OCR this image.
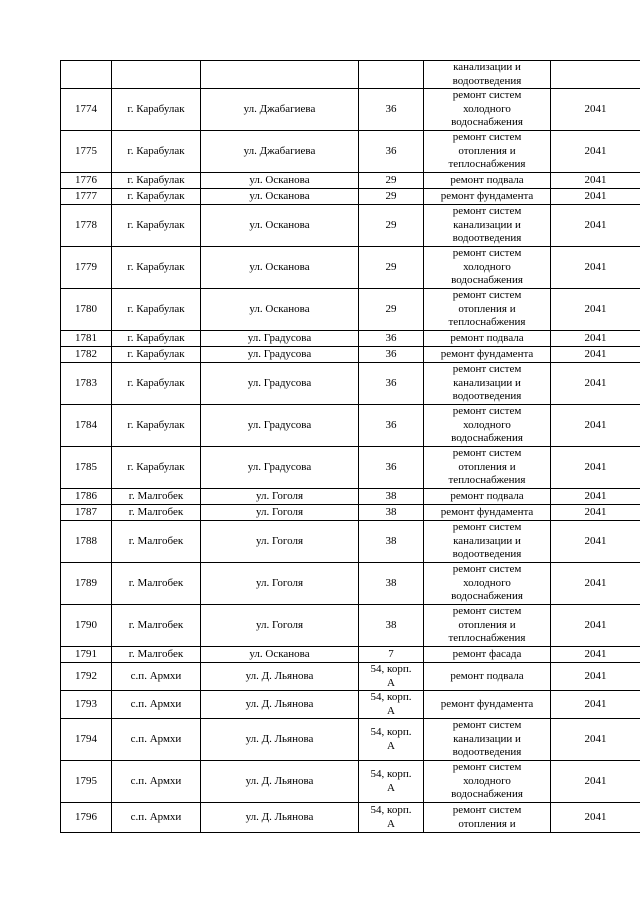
				канализации и
водоотведения	
1774	г. Карабулак	ул. Джабагиева	36	ремонт систем
холодного
водоснабжения	2041
1775	г. Карабулак	ул. Джабагиева	36	ремонт систем
отопления и
теплоснабжения	2041
1776	г. Карабулак	ул. Осканова	29	ремонт подвала	2041
1777	г. Карабулак	ул. Осканова	29	ремонт фундамента	2041
1778	г. Карабулак	ул. Осканова	29	ремонт систем
канализации и
водоотведения	2041
1779	г. Карабулак	ул. Осканова	29	ремонт систем
холодного
водоснабжения	2041
1780	г. Карабулак	ул. Осканова	29	ремонт систем
отопления и
теплоснабжения	2041
1781	г. Карабулак	ул. Градусова	36	ремонт подвала	2041
1782	г. Карабулак	ул. Градусова	36	ремонт фундамента	2041
1783	г. Карабулак	ул. Градусова	36	ремонт систем
канализации и
водоотведения	2041
1784	г. Карабулак	ул. Градусова	36	ремонт систем
холодного
водоснабжения	2041
1785	г. Карабулак	ул. Градусова	36	ремонт систем
отопления и
теплоснабжения	2041
1786	г. Малгобек	ул. Гоголя	38	ремонт подвала	2041
1787	г. Малгобек	ул. Гоголя	38	ремонт фундамента	2041
1788	г. Малгобек	ул. Гоголя	38	ремонт систем
канализации и
водоотведения	2041
1789	г. Малгобек	ул. Гоголя	38	ремонт систем
холодного
водоснабжения	2041
1790	г. Малгобек	ул. Гоголя	38	ремонт систем
отопления и
теплоснабжения	2041
1791	г. Малгобек	ул. Осканова	7	ремонт фасада	2041
1792	с.п. Армхи	ул. Д. Льянова	54, корп.
А	ремонт подвала	2041
1793	с.п. Армхи	ул. Д. Льянова	54, корп.
А	ремонт фундамента	2041
1794	с.п. Армхи	ул. Д. Льянова	54, корп.
А	ремонт систем
канализации и
водоотведения	2041
1795	с.п. Армхи	ул. Д. Льянова	54, корп.
А	ремонт систем
холодного
водоснабжения	2041
1796	с.п. Армхи	ул. Д. Льянова	54, корп.
А	ремонт систем
отопления и	2041
